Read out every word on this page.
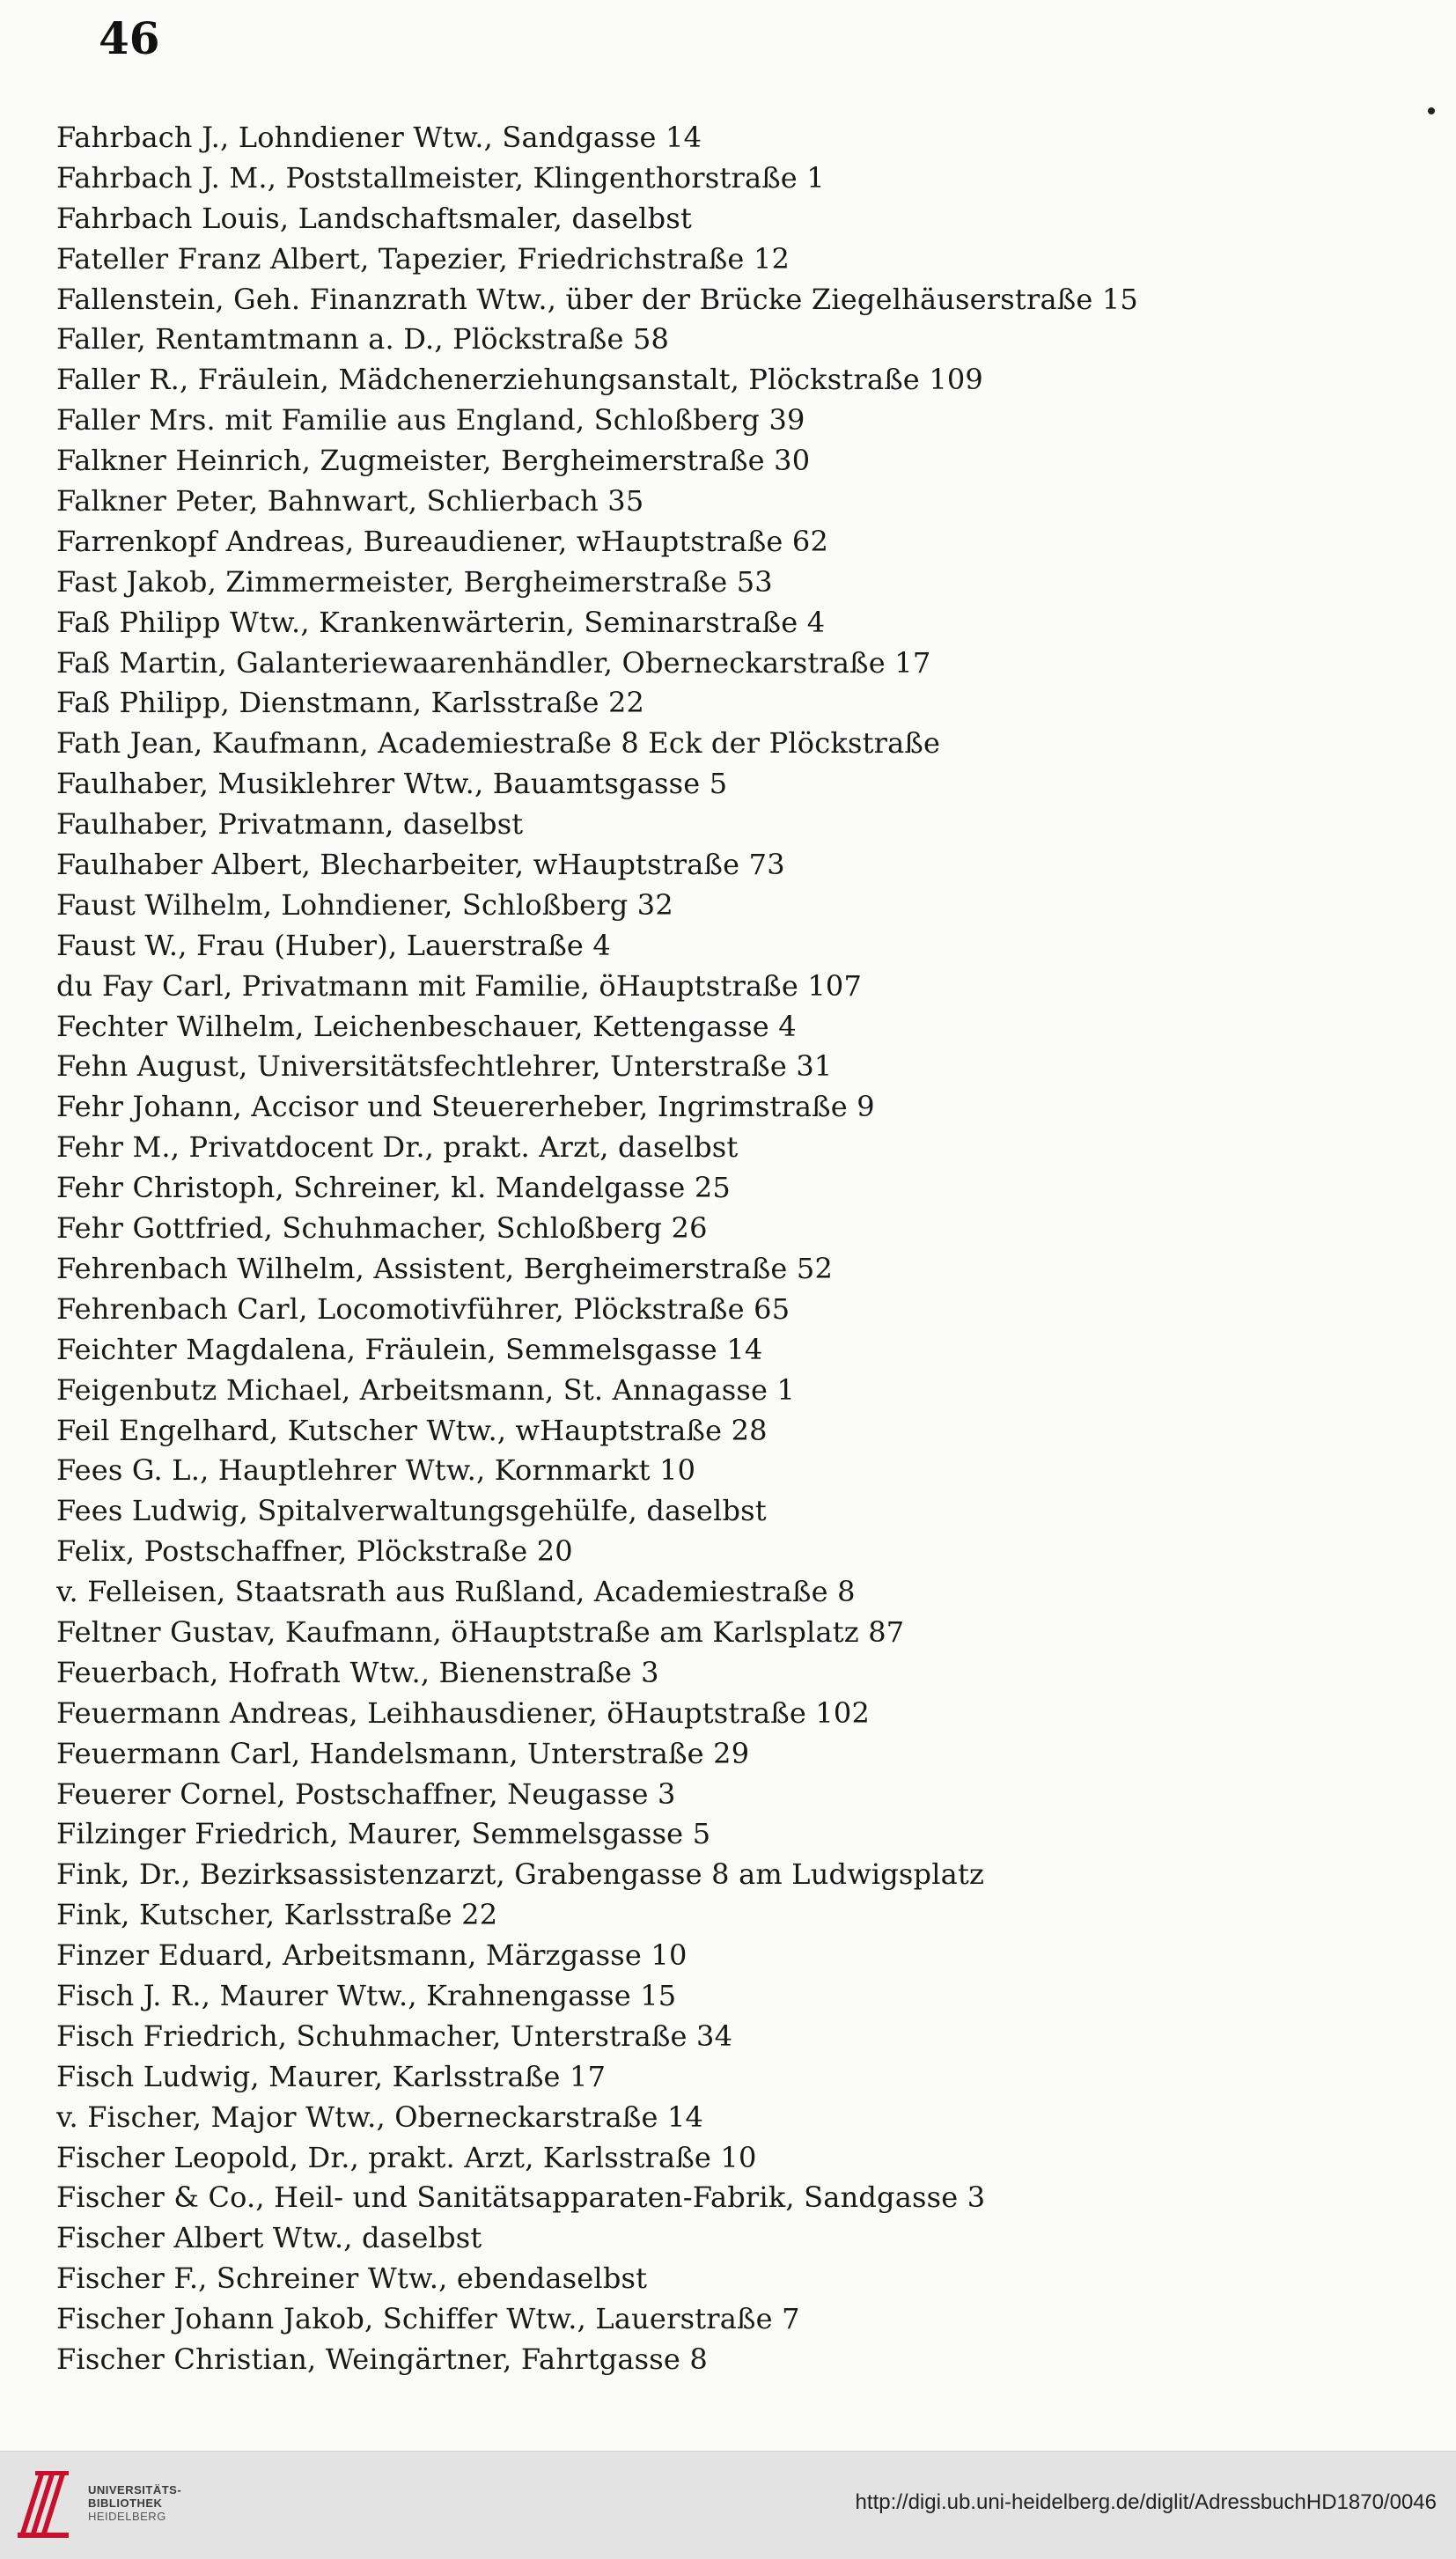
46
Fahrbach J., Lohndiener Wtw., Sandgasse 14
Fahrbach J. M., Poststallmeister, Klingenthorstraße 1
Fahrbach Louis, Landschaftsmaler, daselbst
Fateller Franz Albert, Tapezier, Friedrichstraße 12
Fallenstein, Geh. Finanzrath Wtw., über der Brücke Ziegelhäuserstraße 15
Faller, Rentamtmann a. D., Plöckstraße 58
Faller R., Fräulein, Mädchenerziehungsanstalt, Plöckstraße 109
Faller Mrs. mit Familie aus England, Schloßberg 39
Falkner Heinrich, Zugmeister, Bergheimerstraße 30
Falkner Peter, Bahnwart, Schlierbach 35
Farrenkopf Andreas, Bureaudiener, wHauptstraße 62
Fast Jakob, Zimmermeister, Bergheimerstraße 53
Faß Philipp Wtw., Krankenwärterin, Seminarstraße 4
Faß Martin, Galanteriewaarenhändler, Oberneckarstraße 17
Faß Philipp, Dienstmann, Karlsstraße 22
Fath Jean, Kaufmann, Academiestraße 8 Eck der Plöckstraße
Faulhaber, Musiklehrer Wtw., Bauamtsgasse 5
Faulhaber, Privatmann, daselbst
Faulhaber Albert, Blecharbeiter, wHauptstraße 73
Faust Wilhelm, Lohndiener, Schloßberg 32
Faust W., Frau (Huber), Lauerstraße 4
du Fay Carl, Privatmann mit Familie, öHauptstraße 107
Fechter Wilhelm, Leichenbeschauer, Kettengasse 4
Fehn August, Universitätsfechtlehrer, Unterstraße 31
Fehr Johann, Accisor und Steuererheber, Ingrimstraße 9
Fehr M., Privatdocent Dr., prakt. Arzt, daselbst
Fehr Christoph, Schreiner, kl. Mandelgasse 25
Fehr Gottfried, Schuhmacher, Schloßberg 26
Fehrenbach Wilhelm, Assistent, Bergheimerstraße 52
Fehrenbach Carl, Locomotivführer, Plöckstraße 65
Feichter Magdalena, Fräulein, Semmelsgasse 14
Feigenbutz Michael, Arbeitsmann, St. Annagasse 1
Feil Engelhard, Kutscher Wtw., wHauptstraße 28
Fees G. L., Hauptlehrer Wtw., Kornmarkt 10
Fees Ludwig, Spitalverwaltungsgehülfe, daselbst
Felix, Postschaffner, Plöckstraße 20
v. Felleisen, Staatsrath aus Rußland, Academiestraße 8
Feltner Gustav, Kaufmann, öHauptstraße am Karlsplatz 87
Feuerbach, Hofrath Wtw., Bienenstraße 3
Feuermann Andreas, Leihhausdiener, öHauptstraße 102
Feuermann Carl, Handelsmann, Unterstraße 29
Feuerer Cornel, Postschaffner, Neugasse 3
Filzinger Friedrich, Maurer, Semmelsgasse 5
Fink, Dr., Bezirksassistenzarzt, Grabengasse 8 am Ludwigsplatz
Fink, Kutscher, Karlsstraße 22
Finzer Eduard, Arbeitsmann, Märzgasse 10
Fisch J. R., Maurer Wtw., Krahnengasse 15
Fisch Friedrich, Schuhmacher, Unterstraße 34
Fisch Ludwig, Maurer, Karlsstraße 17
v. Fischer, Major Wtw., Oberneckarstraße 14
Fischer Leopold, Dr., prakt. Arzt, Karlsstraße 10
Fischer & Co., Heil- und Sanitätsapparaten-Fabrik, Sandgasse 3
Fischer Albert Wtw., daselbst
Fischer F., Schreiner Wtw., ebendaselbst
Fischer Johann Jakob, Schiffer Wtw., Lauerstraße 7
Fischer Christian, Weingärtner, Fahrtgasse 8
UNIVERSITÄTS-
BIBLIOTHEK
HEIDELBERG
http://digi.ub.uni-heidelberg.de/diglit/AdressbuchHD1870/0046
